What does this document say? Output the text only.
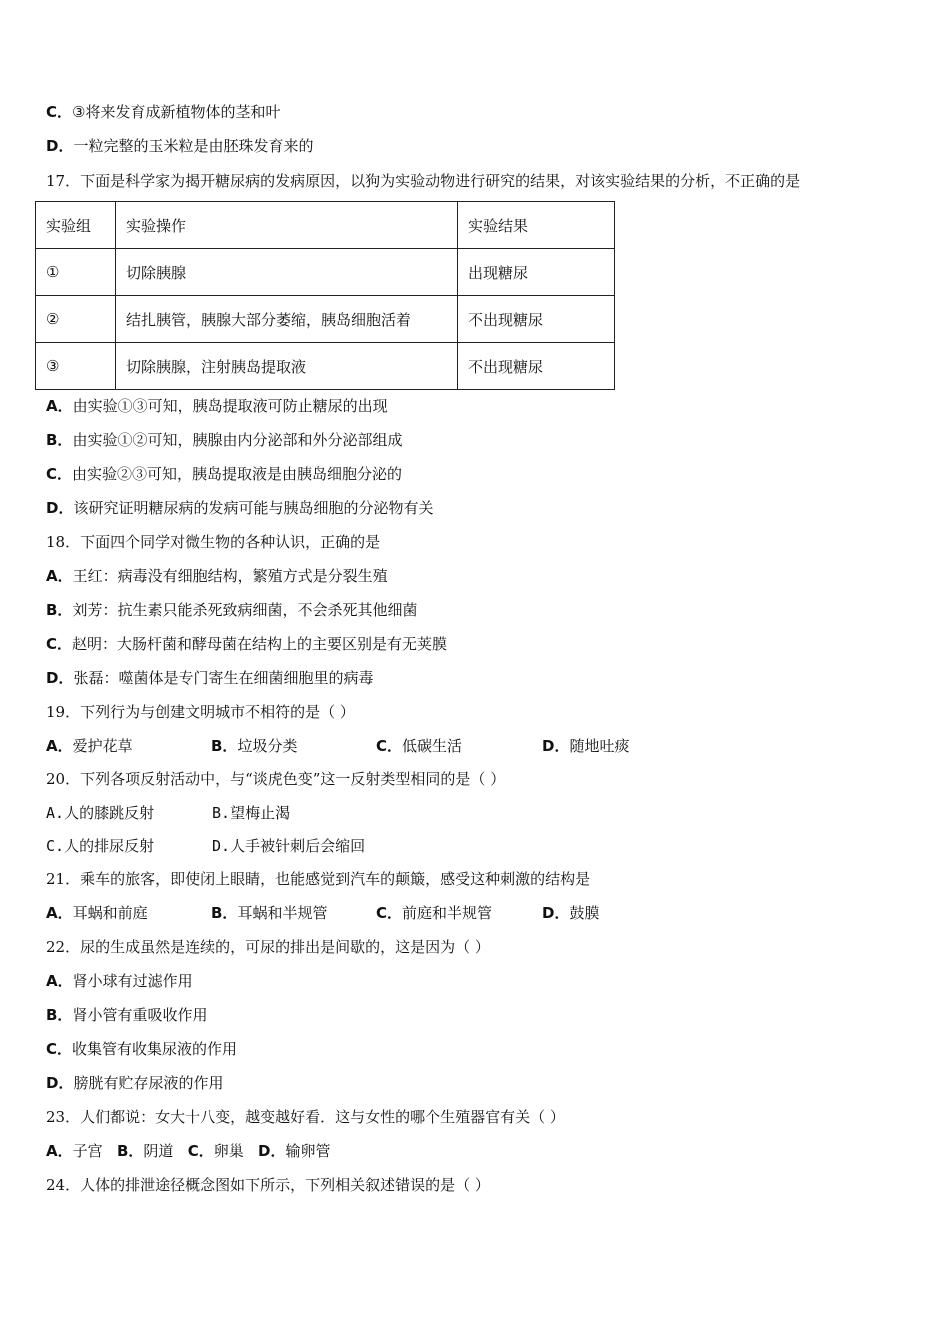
C．③将来发育成新植物体的茎和叶
D．一粒完整的玉米粒是由胚珠发育来的
17．下面是科学家为揭开糖尿病的发病原因，以狗为实验动物进行研究的结果，对该实验结果的分析，不正确的是
实验组	实验操作	实验结果
①	切除胰腺	出现糖尿
②	结扎胰管，胰腺大部分萎缩，胰岛细胞活着	不出现糖尿
③	切除胰腺，注射胰岛提取液	不出现糖尿
A．由实验①③可知，胰岛提取液可防止糖尿的出现
B．由实验①②可知，胰腺由内分泌部和外分泌部组成
C．由实验②③可知，胰岛提取液是由胰岛细胞分泌的
D．该研究证明糖尿病的发病可能与胰岛细胞的分泌物有关
18．下面四个同学对微生物的各种认识，正确的是
A．王红：病毒没有细胞结构，繁殖方式是分裂生殖
B．刘芳：抗生素只能杀死致病细菌，不会杀死其他细菌
C．赵明：大肠杆菌和酵母菌在结构上的主要区别是有无荚膜
D．张磊：噬菌体是专门寄生在细菌细胞里的病毒
19．下列行为与创建文明城市不相符的是（ ）
A．爱护花草	B．垃圾分类	C．低碳生活	D．随地吐痰
20．下列各项反射活动中，与“谈虎色变”这一反射类型相同的是（ ）
A.人的膝跳反射	B.望梅止渴
C.人的排尿反射	D.人手被针刺后会缩回
21．乘车的旅客，即使闭上眼睛，也能感觉到汽车的颠簸，感受这种刺激的结构是
A．耳蜗和前庭	B．耳蜗和半规管	C．前庭和半规管	D．鼓膜
22．尿的生成虽然是连续的，可尿的排出是间歇的，这是因为（ ）
A．肾小球有过滤作用
B．肾小管有重吸收作用
C．收集管有收集尿液的作用
D．膀胱有贮存尿液的作用
23．人们都说：女大十八变，越变越好看．这与女性的哪个生殖器官有关（ ）
A．子宫 B．阴道 C．卵巢 D．输卵管
24．人体的排泄途径概念图如下所示，下列相关叙述错误的是（ ）
